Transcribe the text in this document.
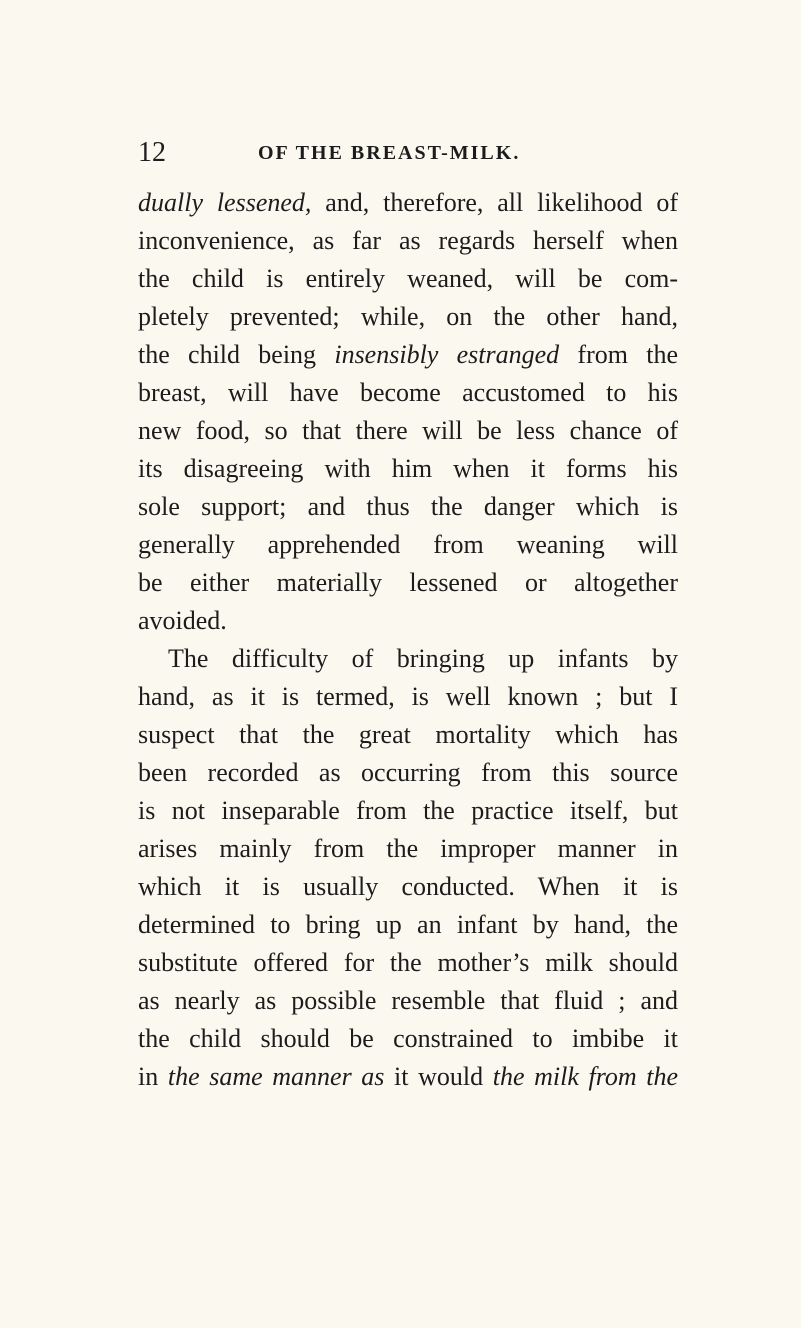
12	OF THE BREAST-MILK.
dually lessened, and, therefore, all likelihood of
inconvenience, as far as regards herself when
the child is entirely weaned, will be com-
pletely prevented; while, on the other hand,
the child being insensibly estranged from the
breast, will have become accustomed to his
new food, so that there will be less chance of
its disagreeing with him when it forms his
sole support; and thus the danger which is
generally apprehended from weaning will
be either materially lessened or altogether
avoided.
The difficulty of bringing up infants by
hand, as it is termed, is well known ; but I
suspect that the great mortality which has
been recorded as occurring from this source
is not inseparable from the practice itself, but
arises mainly from the improper manner in
which it is usually conducted. When it is
determined to bring up an infant by hand, the
substitute offered for the mother’s milk should
as nearly as possible resemble that fluid ; and
the child should be constrained to imbibe it
in the same manner as it would the milk from the
